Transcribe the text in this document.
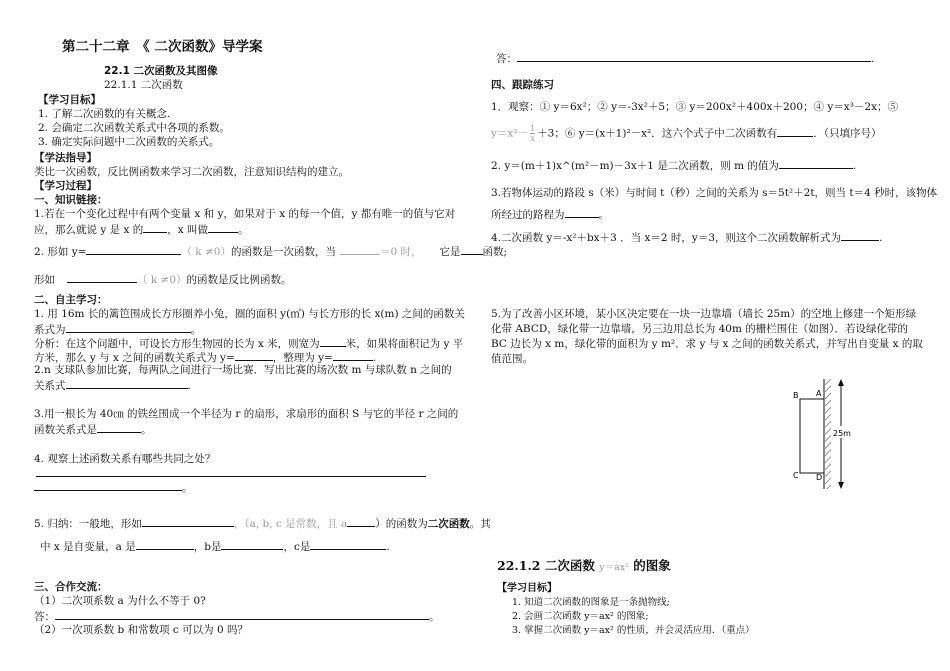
第二十二章　《 二次函数》导学案
22.1 二次函数及其图像
22.1.1 二次函数
【学习目标】
1. 了解二次函数的有关概念.
2. 会确定二次函数关系式中各项的系数。
3. 确定实际问题中二次函数的关系式。
【学法指导】
类比一次函数，反比例函数来学习二次函数，注意知识结构的建立。
【学习过程】
一、知识链接：
1.若在一个变化过程中有两个变量 x 和 y，如果对于 x 的每一个值，y 都有唯一的值与它对
应，那么就说 y 是 x 的 ，x 叫做	。
2. 形如 y=	（ k ≠0）的函数是一次函数，当	＝0 时， 它是 函数;
形如	（ k ≠0）的函数是反比例函数。
二、自主学习：
1. 用 16m 长的篱笆围成长方形圈养小兔，圈的面积 y(㎡) 与长方形的长 x(m) 之间的函数关
系式为	。
分析：在这个问题中，可设长方形生物园的长为 x 米，则宽为 米，如果将面积记为 y 平
方米，那么 y 与 x 之间的函数关系式为 y=	，整理为 y=	.
2.n 支球队参加比赛，每两队之间进行一场比赛．写出比赛的场次数 m 与球队数 n 之间的
关系式	.
3.用一根长为 40㎝ 的铁丝围成一个半径为 r 的扇形，求扇形的面积 S 与它的半径 r 之间的
函数关系式是	。
4. 观察上述函数关系有哪些共同之处？
。
5. 归纳：一般地，形如	，（a, b, c 是常数，且 a	）的函数为二次函数。其
中 x 是自变量，a 是	，b是	，c是	.
三、合作交流：
（1）二次项系数 a 为什么不等于 0?
答：	。
（2）一次项系数 b 和常数项 c 可以为 0 吗？
答：	.
四、跟踪练习
1．观察：① y＝6x²；② y＝-3x²＋5；③ y＝200x²＋400x＋200；④ y＝x³－2x；⑤
$y=x^2- \frac{1}{x} +3$；⑥ y＝(x＋1)²－x²．这六个式子中二次函数有	．（只填序号）
2. y＝(m＋1)x^(m²－m)－3x＋1 是二次函数，则 m 的值为	.
3.若物体运动的路段 s（米）与时间 t（秒）之间的关系为 s＝5t²＋2t，则当 t＝4 秒时，该物体
所经过的路程为	。
4.二次函数 y＝-x²＋bx＋3 ．当 x＝2 时，y＝3，则这个二次函数解析式为	.
5.为了改善小区环境，某小区决定要在一块一边靠墙（墙长 25m）的空地上修建一个矩形绿
化带 ABCD，绿化带一边靠墙，另三边用总长为 40m 的栅栏围住（如图）．若设绿化带的
BC 边长为 x m，绿化带的面积为 y m²．求 y 与 x 之间的函数关系式，并写出自变量 x 的取
值范围。
25m
B A
C D
22.1.2 二次函数 y＝ax² 的图象
【学习目标】
1. 知道二次函数的图象是一条抛物线;
2. 会画二次函数 y＝ax² 的图象;
3. 掌握二次函数 y＝ax² 的性质，并会灵活应用．（重点）
